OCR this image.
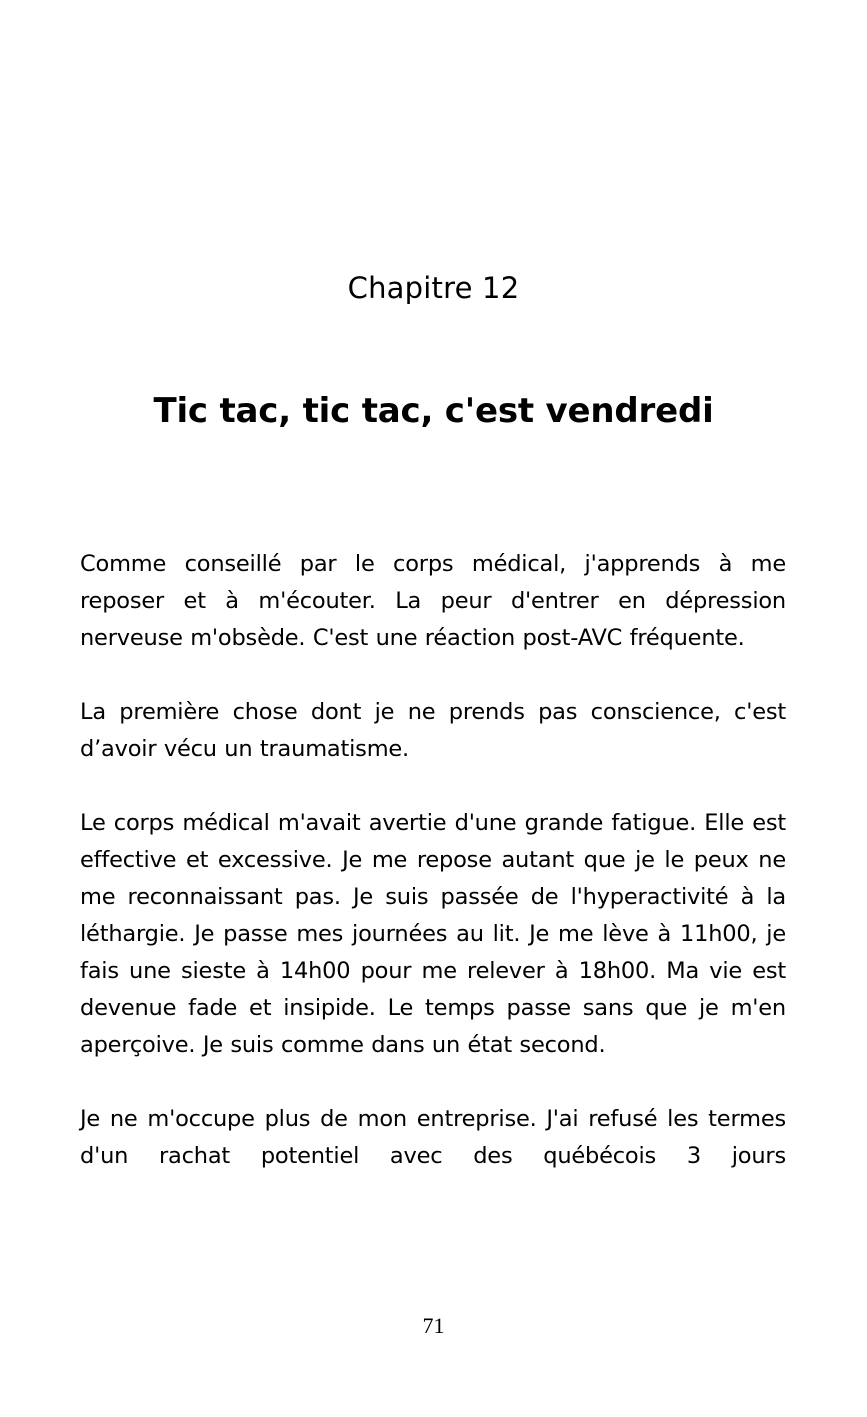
Chapitre 12
Tic tac, tic tac, c'est vendredi

Comme conseillé par le corps médical, j'apprends à me reposer et à m'écouter. La peur d'entrer en dépression nerveuse m'obsède. C'est une réaction post-AVC fréquente.

La première chose dont je ne prends pas conscience, c'est d’avoir vécu un traumatisme.

Le corps médical m'avait avertie d'une grande fatigue. Elle est effective et excessive. Je me repose autant que je le peux ne me reconnaissant pas. Je suis passée de l'hyperactivité à la léthargie. Je passe mes journées au lit. Je me lève à 11h00, je fais une sieste à 14h00 pour me relever à 18h00. Ma vie est devenue fade et insipide. Le temps passe sans que je m'en aperçoive. Je suis comme dans un état second.

Je ne m'occupe plus de mon entreprise. J'ai refusé les termes d'un rachat potentiel avec des québécois 3 jours

71
